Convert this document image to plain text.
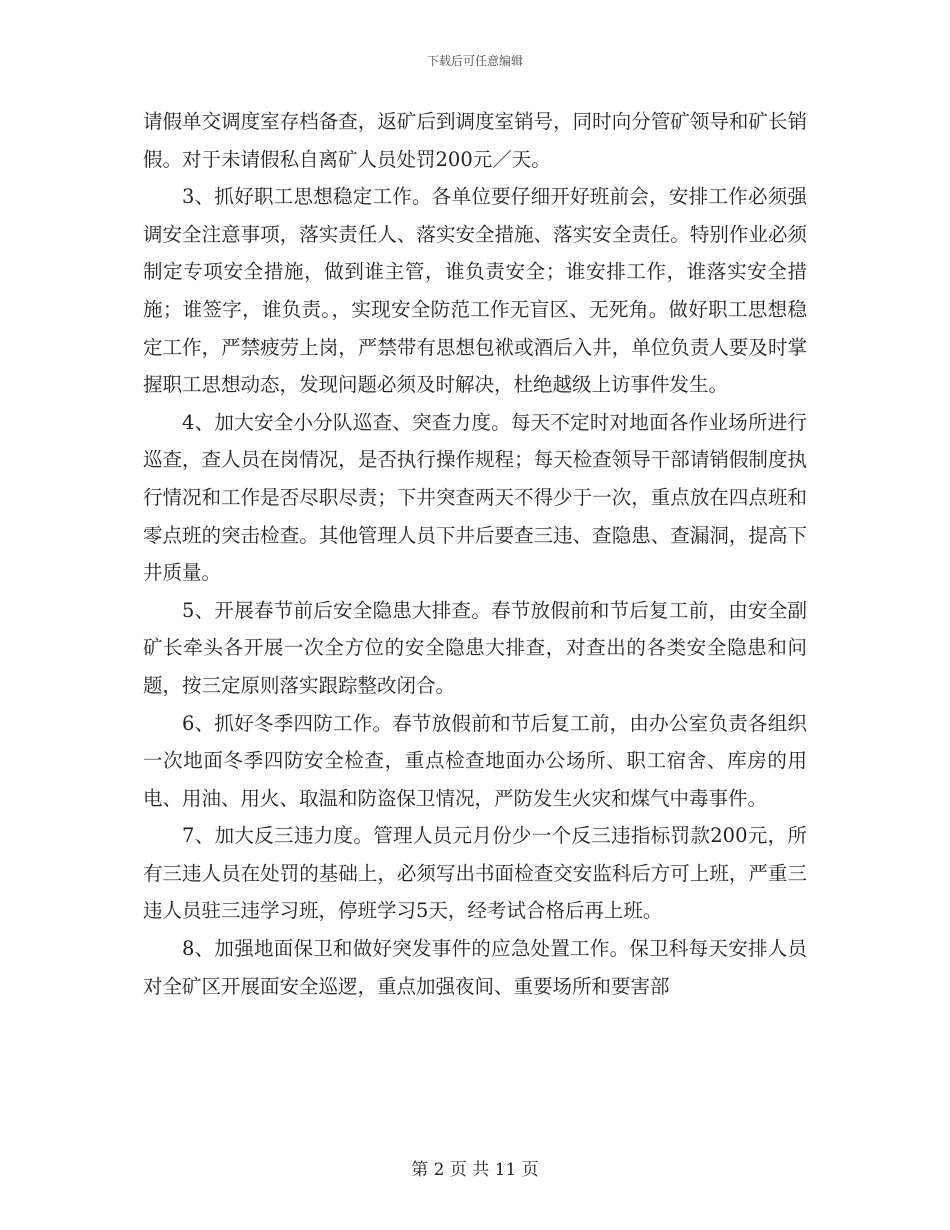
下载后可任意编辑

请假单交调度室存档备查，返矿后到调度室销号，同时向分管矿领导和矿长销假。对于未请假私自离矿人员处罚200元／天。

3、抓好职工思想稳定工作。各单位要仔细开好班前会，安排工作必须强调安全注意事项，落实责任人、落实安全措施、落实安全责任。特别作业必须制定专项安全措施，做到谁主管，谁负责安全；谁安排工作，谁落实安全措施；谁签字，谁负责。，实现安全防范工作无盲区、无死角。做好职工思想稳定工作，严禁疲劳上岗，严禁带有思想包袱或酒后入井，单位负责人要及时掌握职工思想动态，发现问题必须及时解决，杜绝越级上访事件发生。

4、加大安全小分队巡查、突查力度。每天不定时对地面各作业场所进行巡查，查人员在岗情况，是否执行操作规程；每天检查领导干部请销假制度执行情况和工作是否尽职尽责；下井突查两天不得少于一次，重点放在四点班和零点班的突击检查。其他管理人员下井后要查三违、查隐患、查漏洞，提高下井质量。

5、开展春节前后安全隐患大排查。春节放假前和节后复工前，由安全副矿长牵头各开展一次全方位的安全隐患大排查，对查出的各类安全隐患和问题，按三定原则落实跟踪整改闭合。

6、抓好冬季四防工作。春节放假前和节后复工前，由办公室负责各组织一次地面冬季四防安全检查，重点检查地面办公场所、职工宿舍、库房的用电、用油、用火、取温和防盗保卫情况，严防发生火灾和煤气中毒事件。

7、加大反三违力度。管理人员元月份少一个反三违指标罚款200元，所有三违人员在处罚的基础上，必须写出书面检查交安监科后方可上班，严重三违人员驻三违学习班，停班学习5天，经考试合格后再上班。

8、加强地面保卫和做好突发事件的应急处置工作。保卫科每天安排人员对全矿区开展面安全巡逻，重点加强夜间、重要场所和要害部

第 2 页 共 11 页
